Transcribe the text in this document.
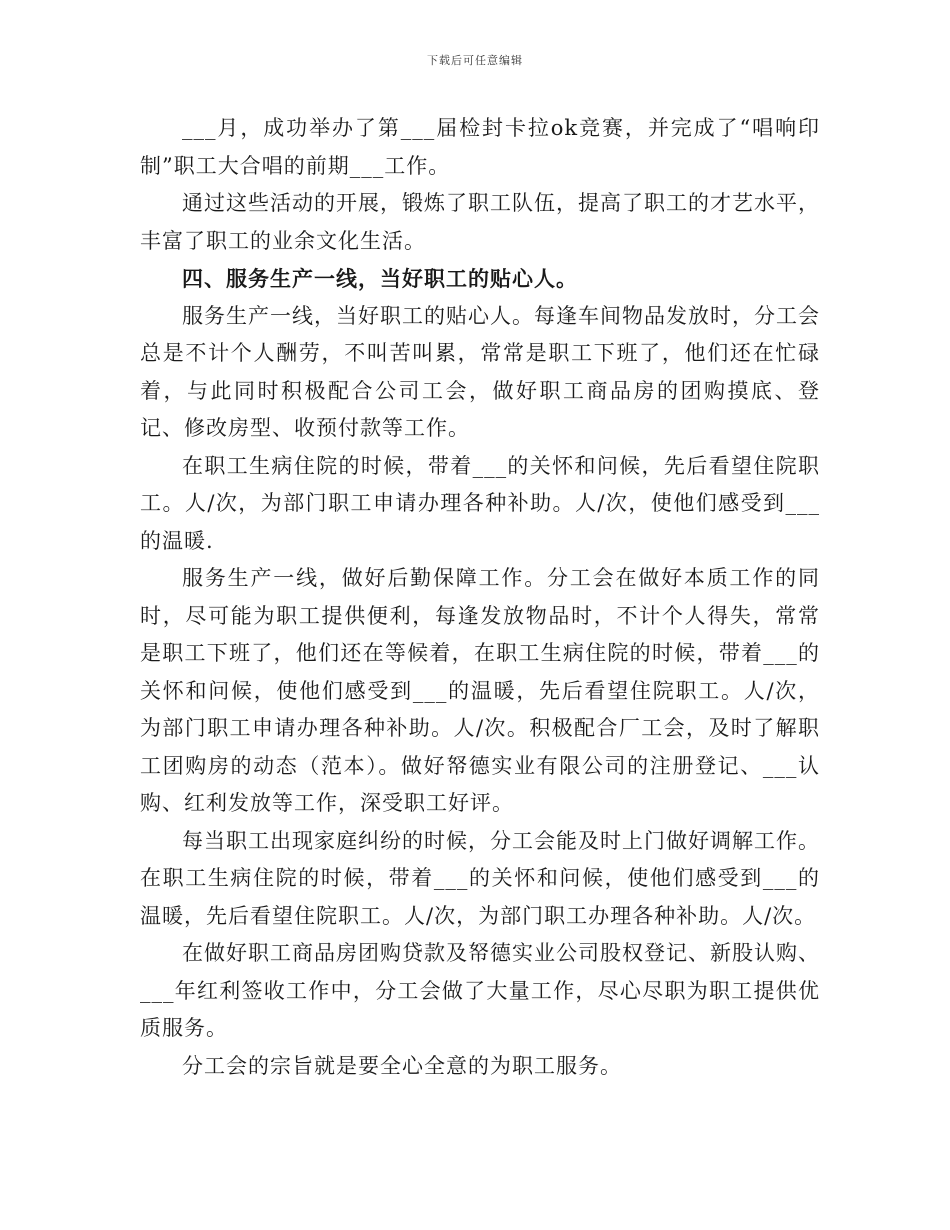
下载后可任意编辑

___月，成功举办了第___届检封卡拉ok竞赛，并完成了“唱响印制”职工大合唱的前期___工作。

通过这些活动的开展，锻炼了职工队伍，提高了职工的才艺水平，丰富了职工的业余文化生活。

四、服务生产一线，当好职工的贴心人。

服务生产一线，当好职工的贴心人。每逢车间物品发放时，分工会总是不计个人酬劳，不叫苦叫累，常常是职工下班了，他们还在忙碌着，与此同时积极配合公司工会，做好职工商品房的团购摸底、登记、修改房型、收预付款等工作。

在职工生病住院的时候，带着___的关怀和问候，先后看望住院职工。人/次，为部门职工申请办理各种补助。人/次，使他们感受到___的温暖.

服务生产一线，做好后勤保障工作。分工会在做好本质工作的同时，尽可能为职工提供便利，每逢发放物品时，不计个人得失，常常是职工下班了，他们还在等候着，在职工生病住院的时候，带着___的关怀和问候，使他们感受到___的温暖，先后看望住院职工。人/次，为部门职工申请办理各种补助。人/次。积极配合厂工会，及时了解职工团购房的动态（范本）。做好帑德实业有限公司的注册登记、___认购、红利发放等工作，深受职工好评。

每当职工出现家庭纠纷的时候，分工会能及时上门做好调解工作。在职工生病住院的时候，带着___的关怀和问候，使他们感受到___的温暖，先后看望住院职工。人/次，为部门职工办理各种补助。人/次。

在做好职工商品房团购贷款及帑德实业公司股权登记、新股认购、___年红利签收工作中，分工会做了大量工作，尽心尽职为职工提供优质服务。

分工会的宗旨就是要全心全意的为职工服务。
